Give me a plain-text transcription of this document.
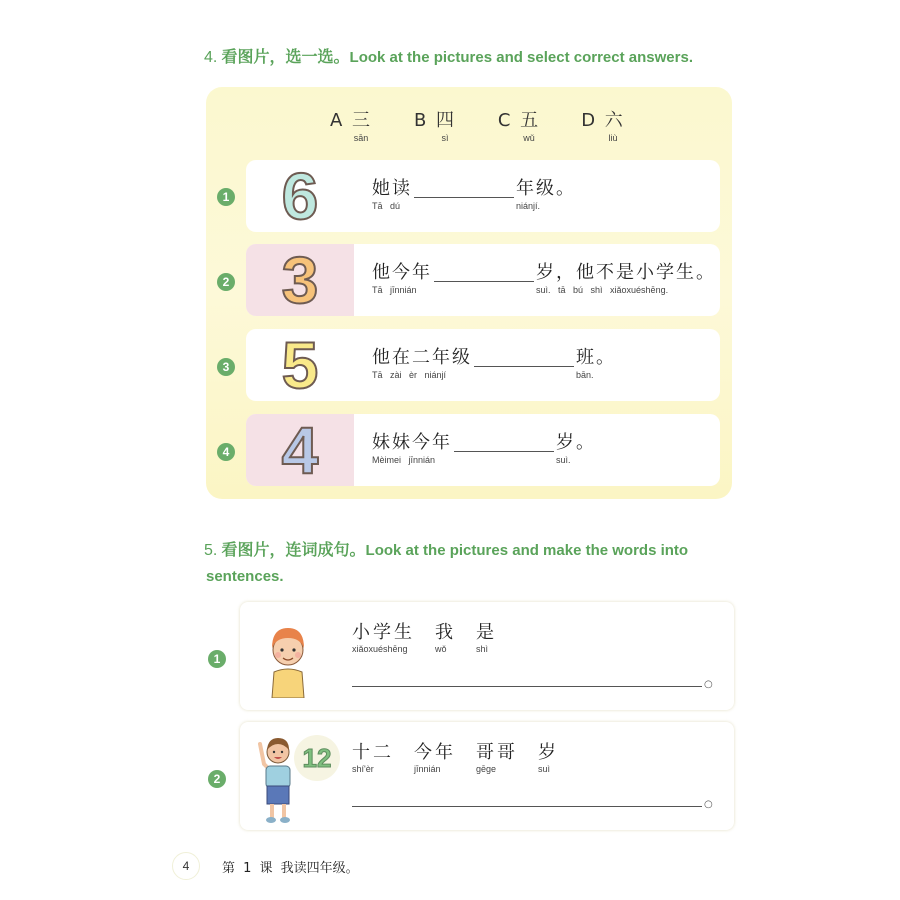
4. 看图片，选一选。Look at the pictures and select correct answers.
A 三
sān
B 四
sì
C 五
wǔ
D 六
liù
1 6	她读
Tā dú
年级。
niánjí.
2 3	他今年
Tā jīnnián
岁，他不是小学生。
suì. tā bú shì xiǎoxuéshēng.
3 5	他在二年级
Tā zài èr niánjí
班。
bān.
4 4	妹妹今年
Mèimei jīnnián
岁。
suì.
5. 看图片，连词成句。Look at the pictures and make the words into
sentences.
1
小学生
xiǎoxuéshēng
我
wǒ
是
shì
○
2
十二
shí'èr
今年
jīnnián
哥哥
gēge
岁
suì
○
12
4	第 1 课 我读四年级。
